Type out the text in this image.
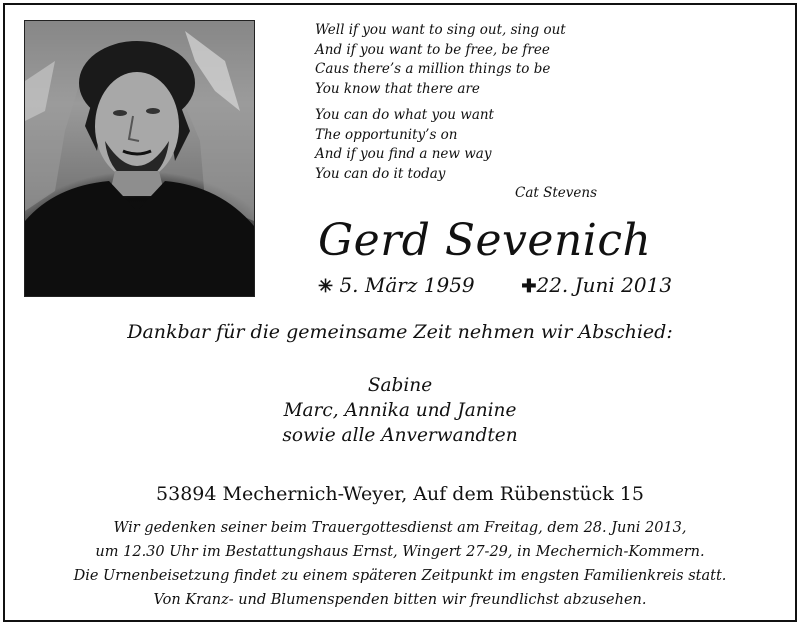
Well if you want to sing out, sing out
And if you want to be free, be free
Caus there’s a million things to be
You know that there are

You can do what you want
The opportunity’s on
And if you find a new way
You can do it today

Cat Stevens
Gerd Sevenich
✳ 5. März 1959	✚22. Juni 2013
Dankbar für die gemeinsame Zeit nehmen wir Abschied:
Sabine
Marc, Annika und Janine
sowie alle Anverwandten
53894 Mechernich-Weyer, Auf dem Rübenstück 15
Wir gedenken seiner beim Trauergottesdienst am Freitag, dem 28. Juni 2013,
um 12.30 Uhr im Bestattungshaus Ernst, Wingert 27-29, in Mechernich-Kommern.
Die Urnenbeisetzung findet zu einem späteren Zeitpunkt im engsten Familienkreis statt.
Von Kranz- und Blumenspenden bitten wir freundlichst abzusehen.
